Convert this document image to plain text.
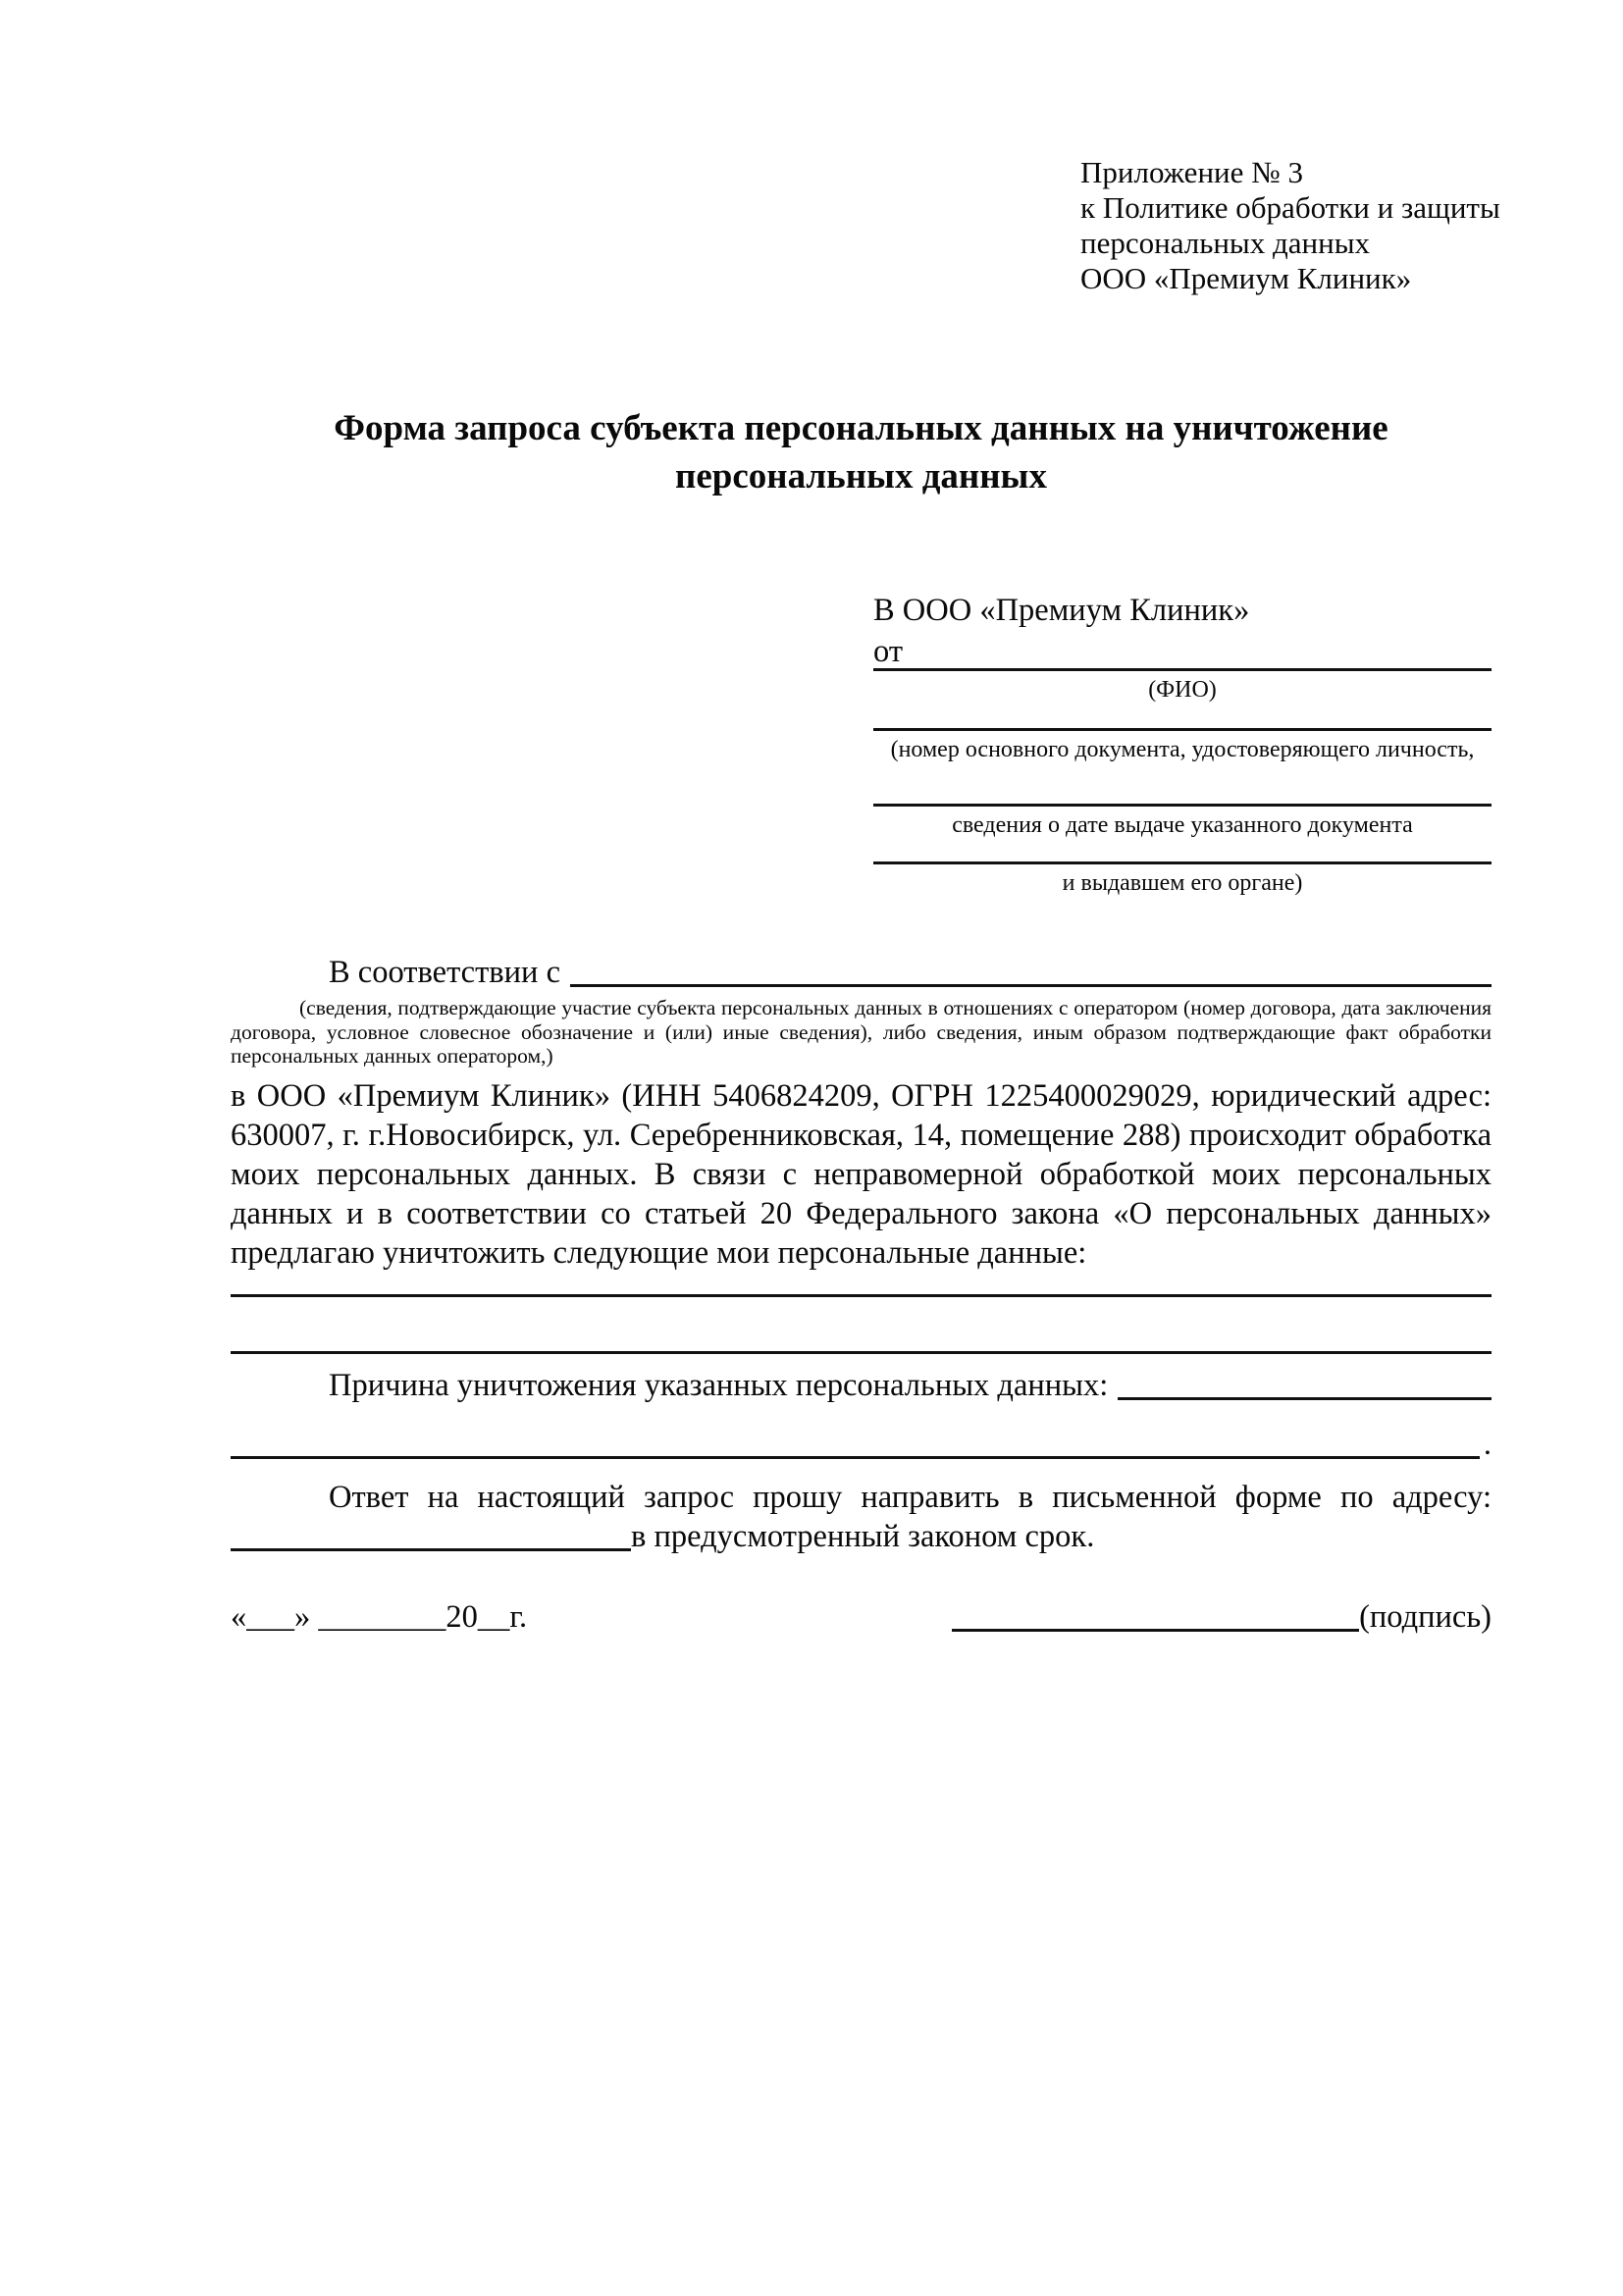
Приложение № 3
к Политике обработки и защиты
персональных данных
ООО «Премиум Клиник»
Форма запроса субъекта персональных данных на уничтожение персональных данных
В ООО «Премиум Клиник»
от
(ФИО)
(номер основного документа, удостоверяющего личность,
сведения о дате выдаче указанного документа
и выдавшем его органе)
В соответствии с

(сведения, подтверждающие участие субъекта персональных данных в отношениях с оператором (номер договора, дата заключения договора, условное словесное обозначение и (или) иные сведения), либо сведения, иным образом подтверждающие факт обработки персональных данных оператором,)

в ООО «Премиум Клиник» (ИНН 5406824209, ОГРН 1225400029029, юридический адрес: 630007, г. г.Новосибирск, ул. Серебренниковская, 14, помещение 288) происходит обработка моих персональных данных. В связи с неправомерной обработкой моих персональных данных и в соответствии со статьей 20 Федерального закона «О персональных данных» предлагаю уничтожить следующие мои персональные данные:

Причина уничтожения указанных персональных данных:
.

Ответ на настоящий запрос прошу направить в письменной форме по адресу:

в предусмотренный законом срок.
«___» ________20__г.	(подпись)
